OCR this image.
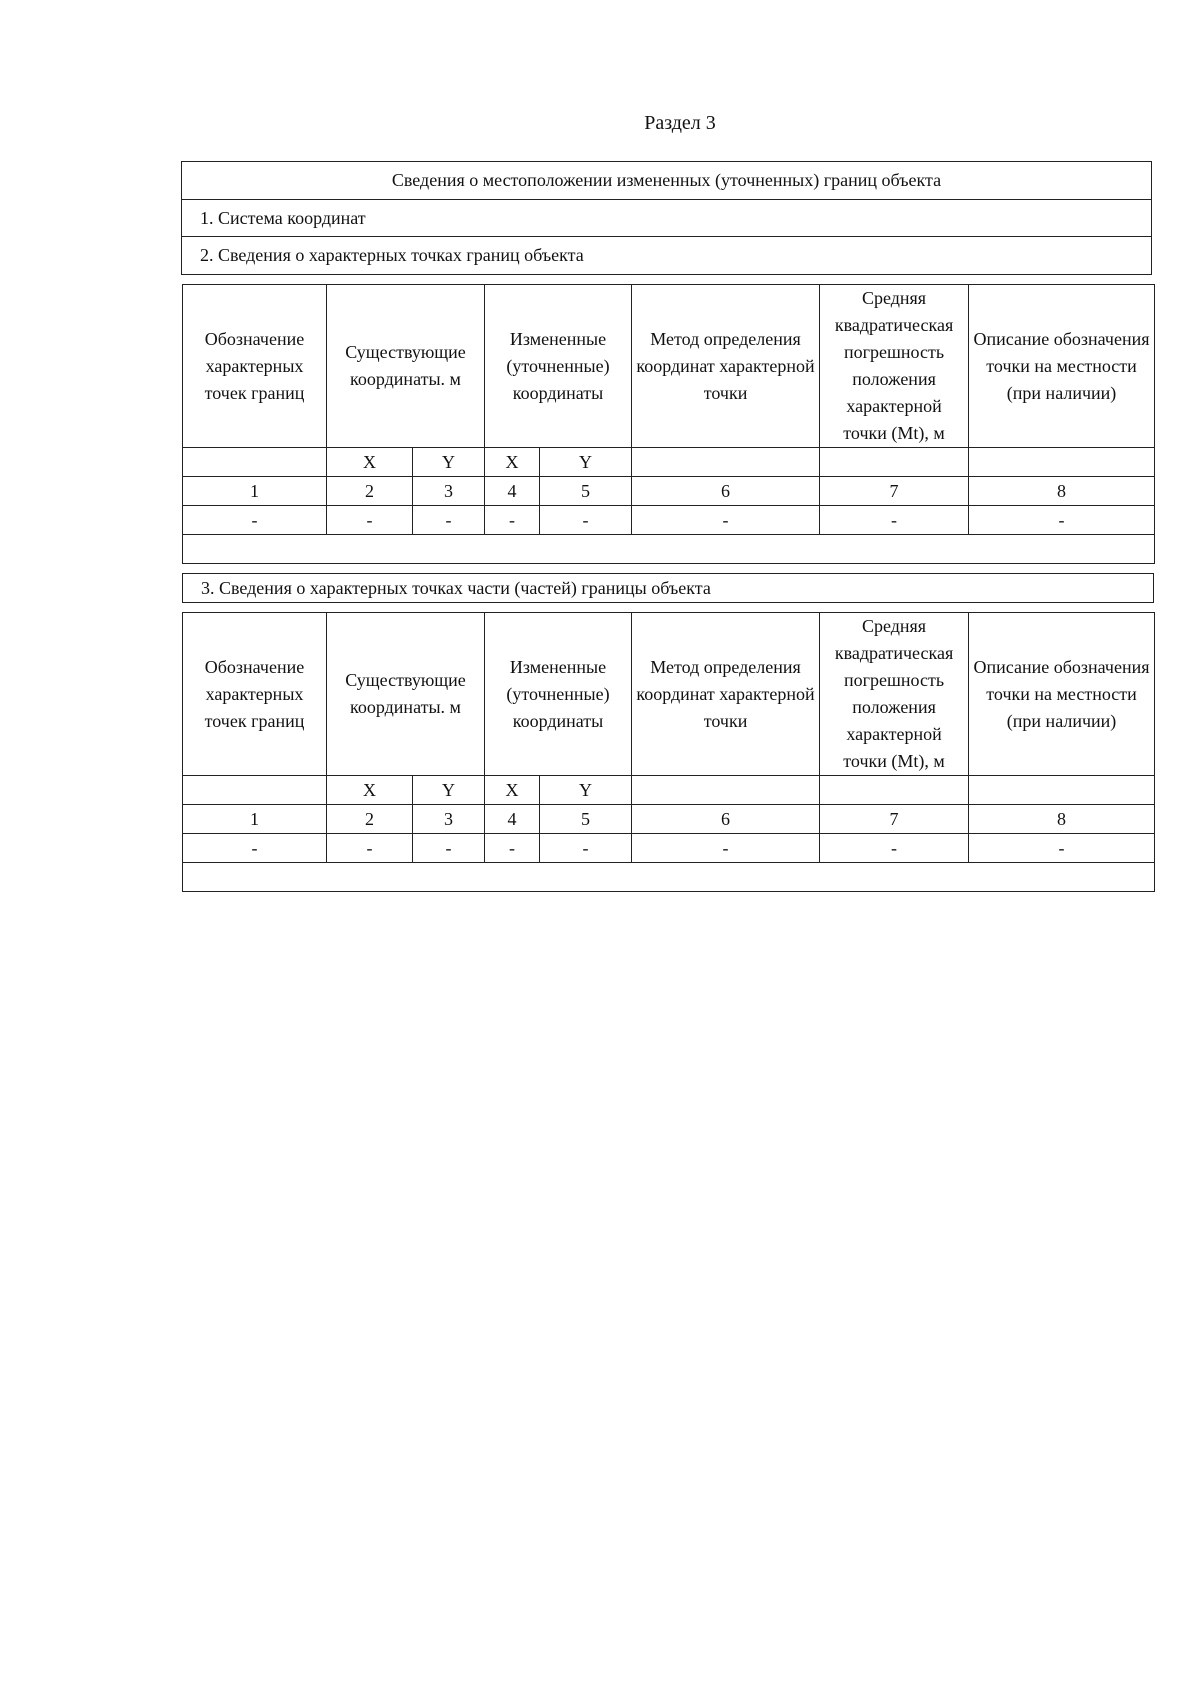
Раздел 3
Сведения о местоположении измененных (уточненных) границ объекта
1. Система координат
2. Сведения о характерных точках границ объекта
Обозначение характерных точек границ	Существующие координаты. м		Измененные (уточненные) координаты		Метод определения координат характерной точки	Средняя квадратическая погрешность положения характерной точки (Mt), м	Описание обозначения точки на местности (при наличии)
	X	Y	X	Y			
1	2	3	4	5	6	7	8
-	-	-	-	-	-	-	-

3. Сведения о характерных точках части (частей) границы объекта
Обозначение характерных точек границ	Существующие координаты. м		Измененные (уточненные) координаты		Метод определения координат характерной точки	Средняя квадратическая погрешность положения характерной точки (Mt), м	Описание обозначения точки на местности (при наличии)
	X	Y	X	Y			
1	2	3	4	5	6	7	8
-	-	-	-	-	-	-	-
